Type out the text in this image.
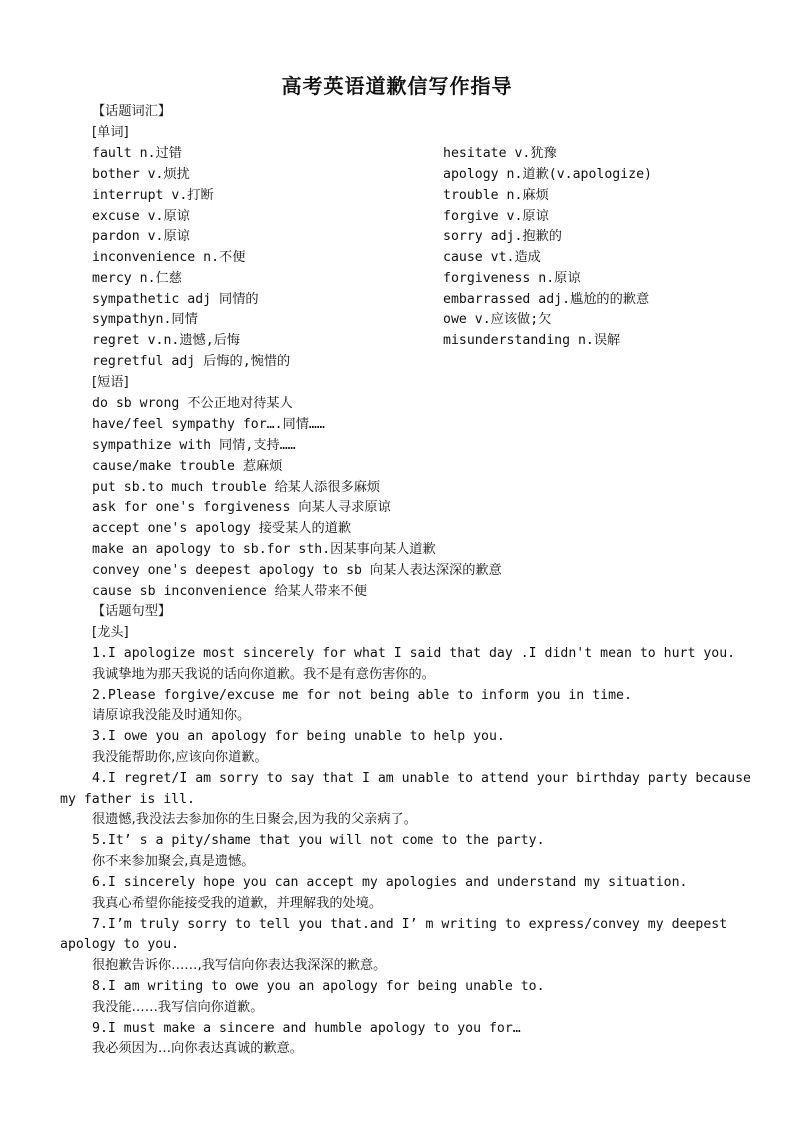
高考英语道歉信写作指导
【话题词汇】
[单词]
fault n.过错
bother v.烦扰
interrupt v.打断
excuse v.原谅
pardon v.原谅
inconvenience n.不便
mercy n.仁慈
sympathetic adj 同情的
sympathyn.同情
regret v.n.遗憾,后悔
regretful adj 后悔的,惋惜的
hesitate v.犹豫
apology n.道歉(v.apologize)
trouble n.麻烦
forgive v.原谅
sorry adj.抱歉的
cause vt.造成
forgiveness n.原谅
embarrassed adj.尴尬的的歉意
owe v.应该做;欠
misunderstanding n.误解
[短语]
do sb wrong 不公正地对待某人
have/feel sympathy for….同情……
sympathize with 同情,支持……
cause/make trouble 惹麻烦
put sb.to much trouble 给某人添很多麻烦
ask for one's forgiveness 向某人寻求原谅
accept one's apology 接受某人的道歉
make an apology to sb.for sth.因某事向某人道歉
convey one's deepest apology to sb 向某人表达深深的歉意
cause sb inconvenience 给某人带来不便
【话题句型】
[龙头]
1.I apologize most sincerely for what I said that day .I didn't mean to hurt you.
我诚挚地为那天我说的话向你道歉。我不是有意伤害你的。
2.Please forgive/excuse me for not being able to inform you in time.
请原谅我没能及时通知你。
3.I owe you an apology for being unable to help you.
我没能帮助你,应该向你道歉。
4.I regret/I am sorry to say that I am unable to attend your birthday party because
my father is ill.
很遗憾,我没法去参加你的生日聚会,因为我的父亲病了。
5.It’ s a pity/shame that you will not come to the party.
你不来参加聚会,真是遗憾。
6.I sincerely hope you can accept my apologies and understand my situation.
我真心希望你能接受我的道歉，并理解我的处境。
7.I’m truly sorry to tell you that.and I’ m writing to express/convey my deepest
apology to you.
很抱歉告诉你……,我写信向你表达我深深的歉意。
8.I am writing to owe you an apology for being unable to.
我没能……我写信向你道歉。
9.I must make a sincere and humble apology to you for…
我必须因为…向你表达真诚的歉意。
